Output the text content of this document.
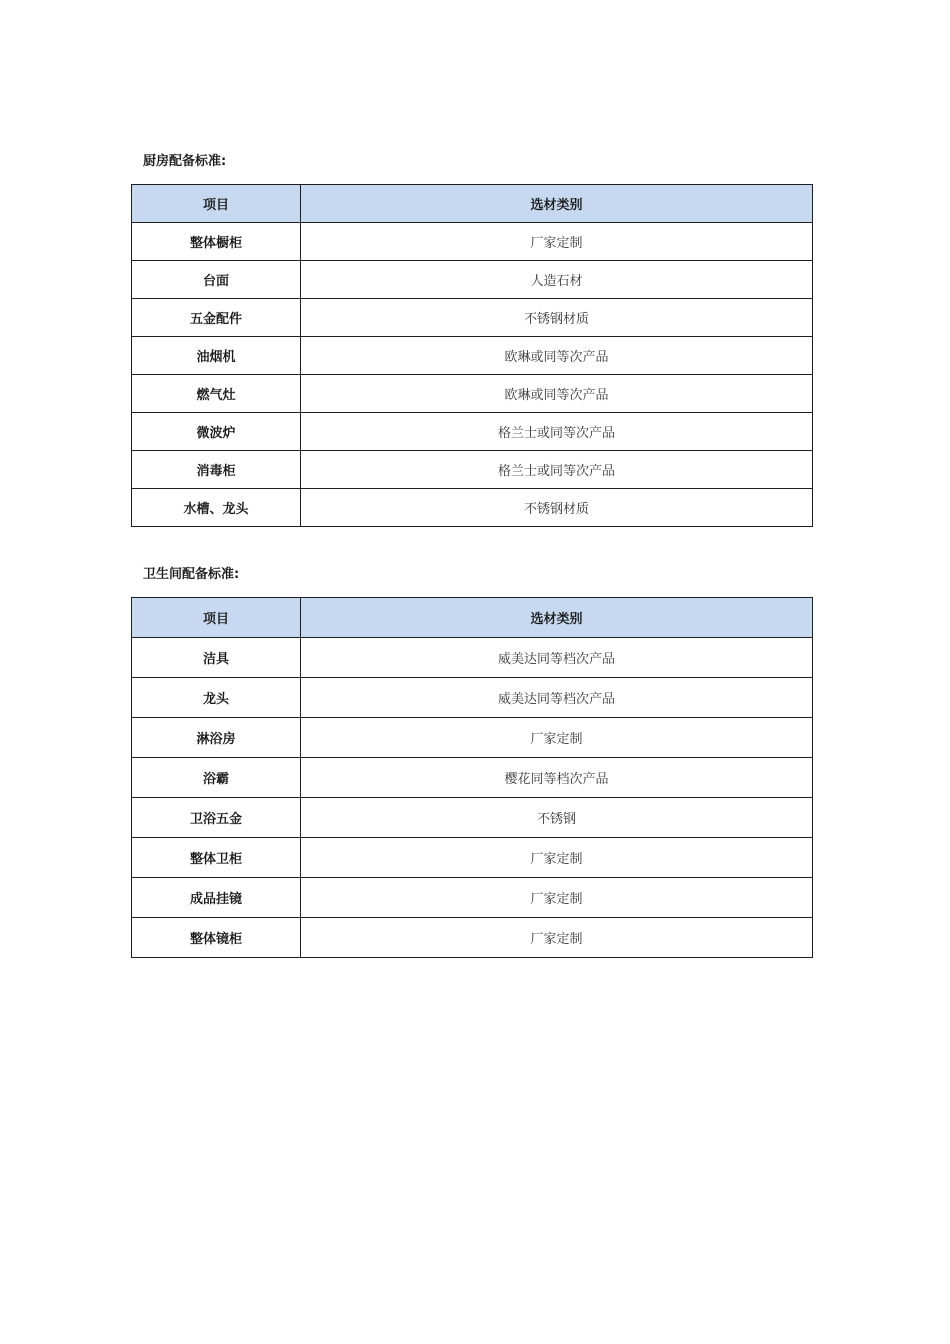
厨房配备标准:

项目	选材类别
整体橱柜	厂家定制
台面	人造石材
五金配件	不锈钢材质
油烟机	欧琳或同等次产品
燃气灶	欧琳或同等次产品
微波炉	格兰士或同等次产品
消毒柜	格兰士或同等次产品
水槽、龙头	不锈钢材质

卫生间配备标准:

项目	选材类别
洁具	威美达同等档次产品
龙头	威美达同等档次产品
淋浴房	厂家定制
浴霸	樱花同等档次产品
卫浴五金	不锈钢
整体卫柜	厂家定制
成品挂镜	厂家定制
整体镜柜	厂家定制
